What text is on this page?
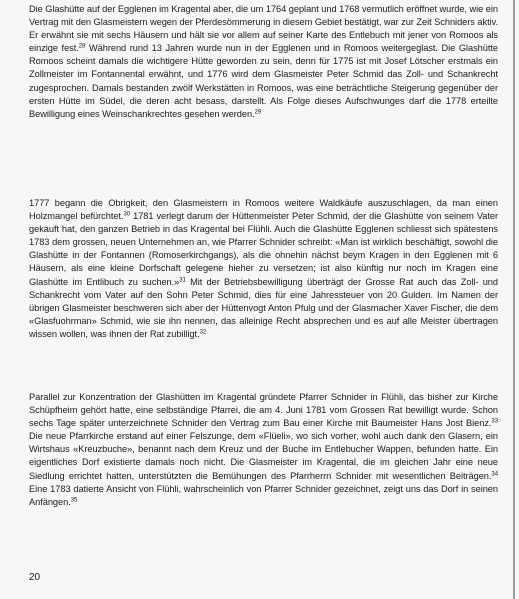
Die Glashütte auf der Egglenen im Kragental aber, die um 1764 geplant und 1768 vermutlich eröffnet wurde, wie ein Vertrag mit den Glasmeistern wegen der Pferdesömmerung in diesem Gebiet bestätigt, war zur Zeit Schniders aktiv. Er erwähnt sie mit sechs Häusern und hält sie vor allem auf seiner Karte des Entlebuch mit jener von Romoos als einzige fest.$^{28}$ Während rund 13 Jahren wurde nun in der Egglenen und in Romoos weitergeglast. Die Glashütte Romoos scheint damals die wichtigere Hütte geworden zu sein, denn für 1775 ist mit Josef Lötscher erstmals ein Zollmeister im Fontannental erwähnt, und 1776 wird dem Glasmeister Peter Schmid das Zoll- und Schankrecht zugesprochen. Damals bestanden zwölf Werkstätten in Romoos, was eine beträchtliche Steigerung gegenüber der ersten Hütte im Südel, die deren acht besass, darstellt. Als Folge dieses Aufschwunges darf die 1778 erteilte Bewilligung eines Weinschankrechtes gesehen werden.$^{29}$

1777 begann die Obrigkeit, den Glasmeistern in Romoos weitere Waldkäufe auszuschlagen, da man einen Holzmangel befürchtet.$^{30}$ 1781 verlegt darum der Hüttenmeister Peter Schmid, der die Glashütte von seinem Vater gekauft hat, den ganzen Betrieb in das Kragental bei Flühli. Auch die Glashütte Egglenen schliesst sich spätestens 1783 dem grossen, neuen Unternehmen an, wie Pfarrer Schnider schreibt: «Man ist wirklich beschäftigt, sowohl die Glashütte in der Fontannen (Romoserkirchgangs), als die ohnehin nächst beym Kragen in den Egglenen mit 6 Häusern, als eine kleine Dorfschaft gelegene hieher zu versetzen; ist also künftig nur noch im Kragen eine Glashütte im Entlibuch zu suchen.»$^{31}$ Mit der Betriebsbewilligung überträgt der Grosse Rat auch das Zoll- und Schankrecht vom Vater auf den Sohn Peter Schmid, dies für eine Jahressteuer von 20 Gulden. Im Namen der übrigen Glasmeister beschweren sich aber der Hüttenvogt Anton Pfulg und der Glasmacher Xaver Fischer, die dem «Glasfuohrman» Schmid, wie sie ihn nennen, das alleinige Recht absprechen und es auf alle Meister übertragen wissen wollen, was ihnen der Rat zubilligt.$^{32}$

Parallel zur Konzentration der Glashütten im Kragental gründete Pfarrer Schnider in Flühli, das bisher zur Kirche Schüpfheim gehört hatte, eine selbständige Pfarrei, die am 4. Juni 1781 vom Grossen Rat bewilligt wurde. Schon sechs Tage später unterzeichnete Schnider den Vertrag zum Bau einer Kirche mit Baumeister Hans Jost Bienz.$^{33}$ Die neue Pfarrkirche erstand auf einer Felszunge, dem «Flüeli», wo sich vorher, wohl auch dank den Glasern, ein Wirtshaus «Kreuzbuche», benannt nach dem Kreuz und der Buche im Entlebucher Wappen, befunden hatte. Ein eigentliches Dorf existierte damals noch nicht. Die Glasmeister im Kragental, die im gleichen Jahr eine neue Siedlung errichtet hatten, unterstützten die Bemühungen des Pfarrherrn Schnider mit wesentlichen Beiträgen.$^{34}$ Eine 1783 datierte Ansicht von Flühli, wahrscheinlich von Pfarrer Schnider gezeichnet, zeigt uns das Dorf in seinen Anfängen.$^{35}$

20
